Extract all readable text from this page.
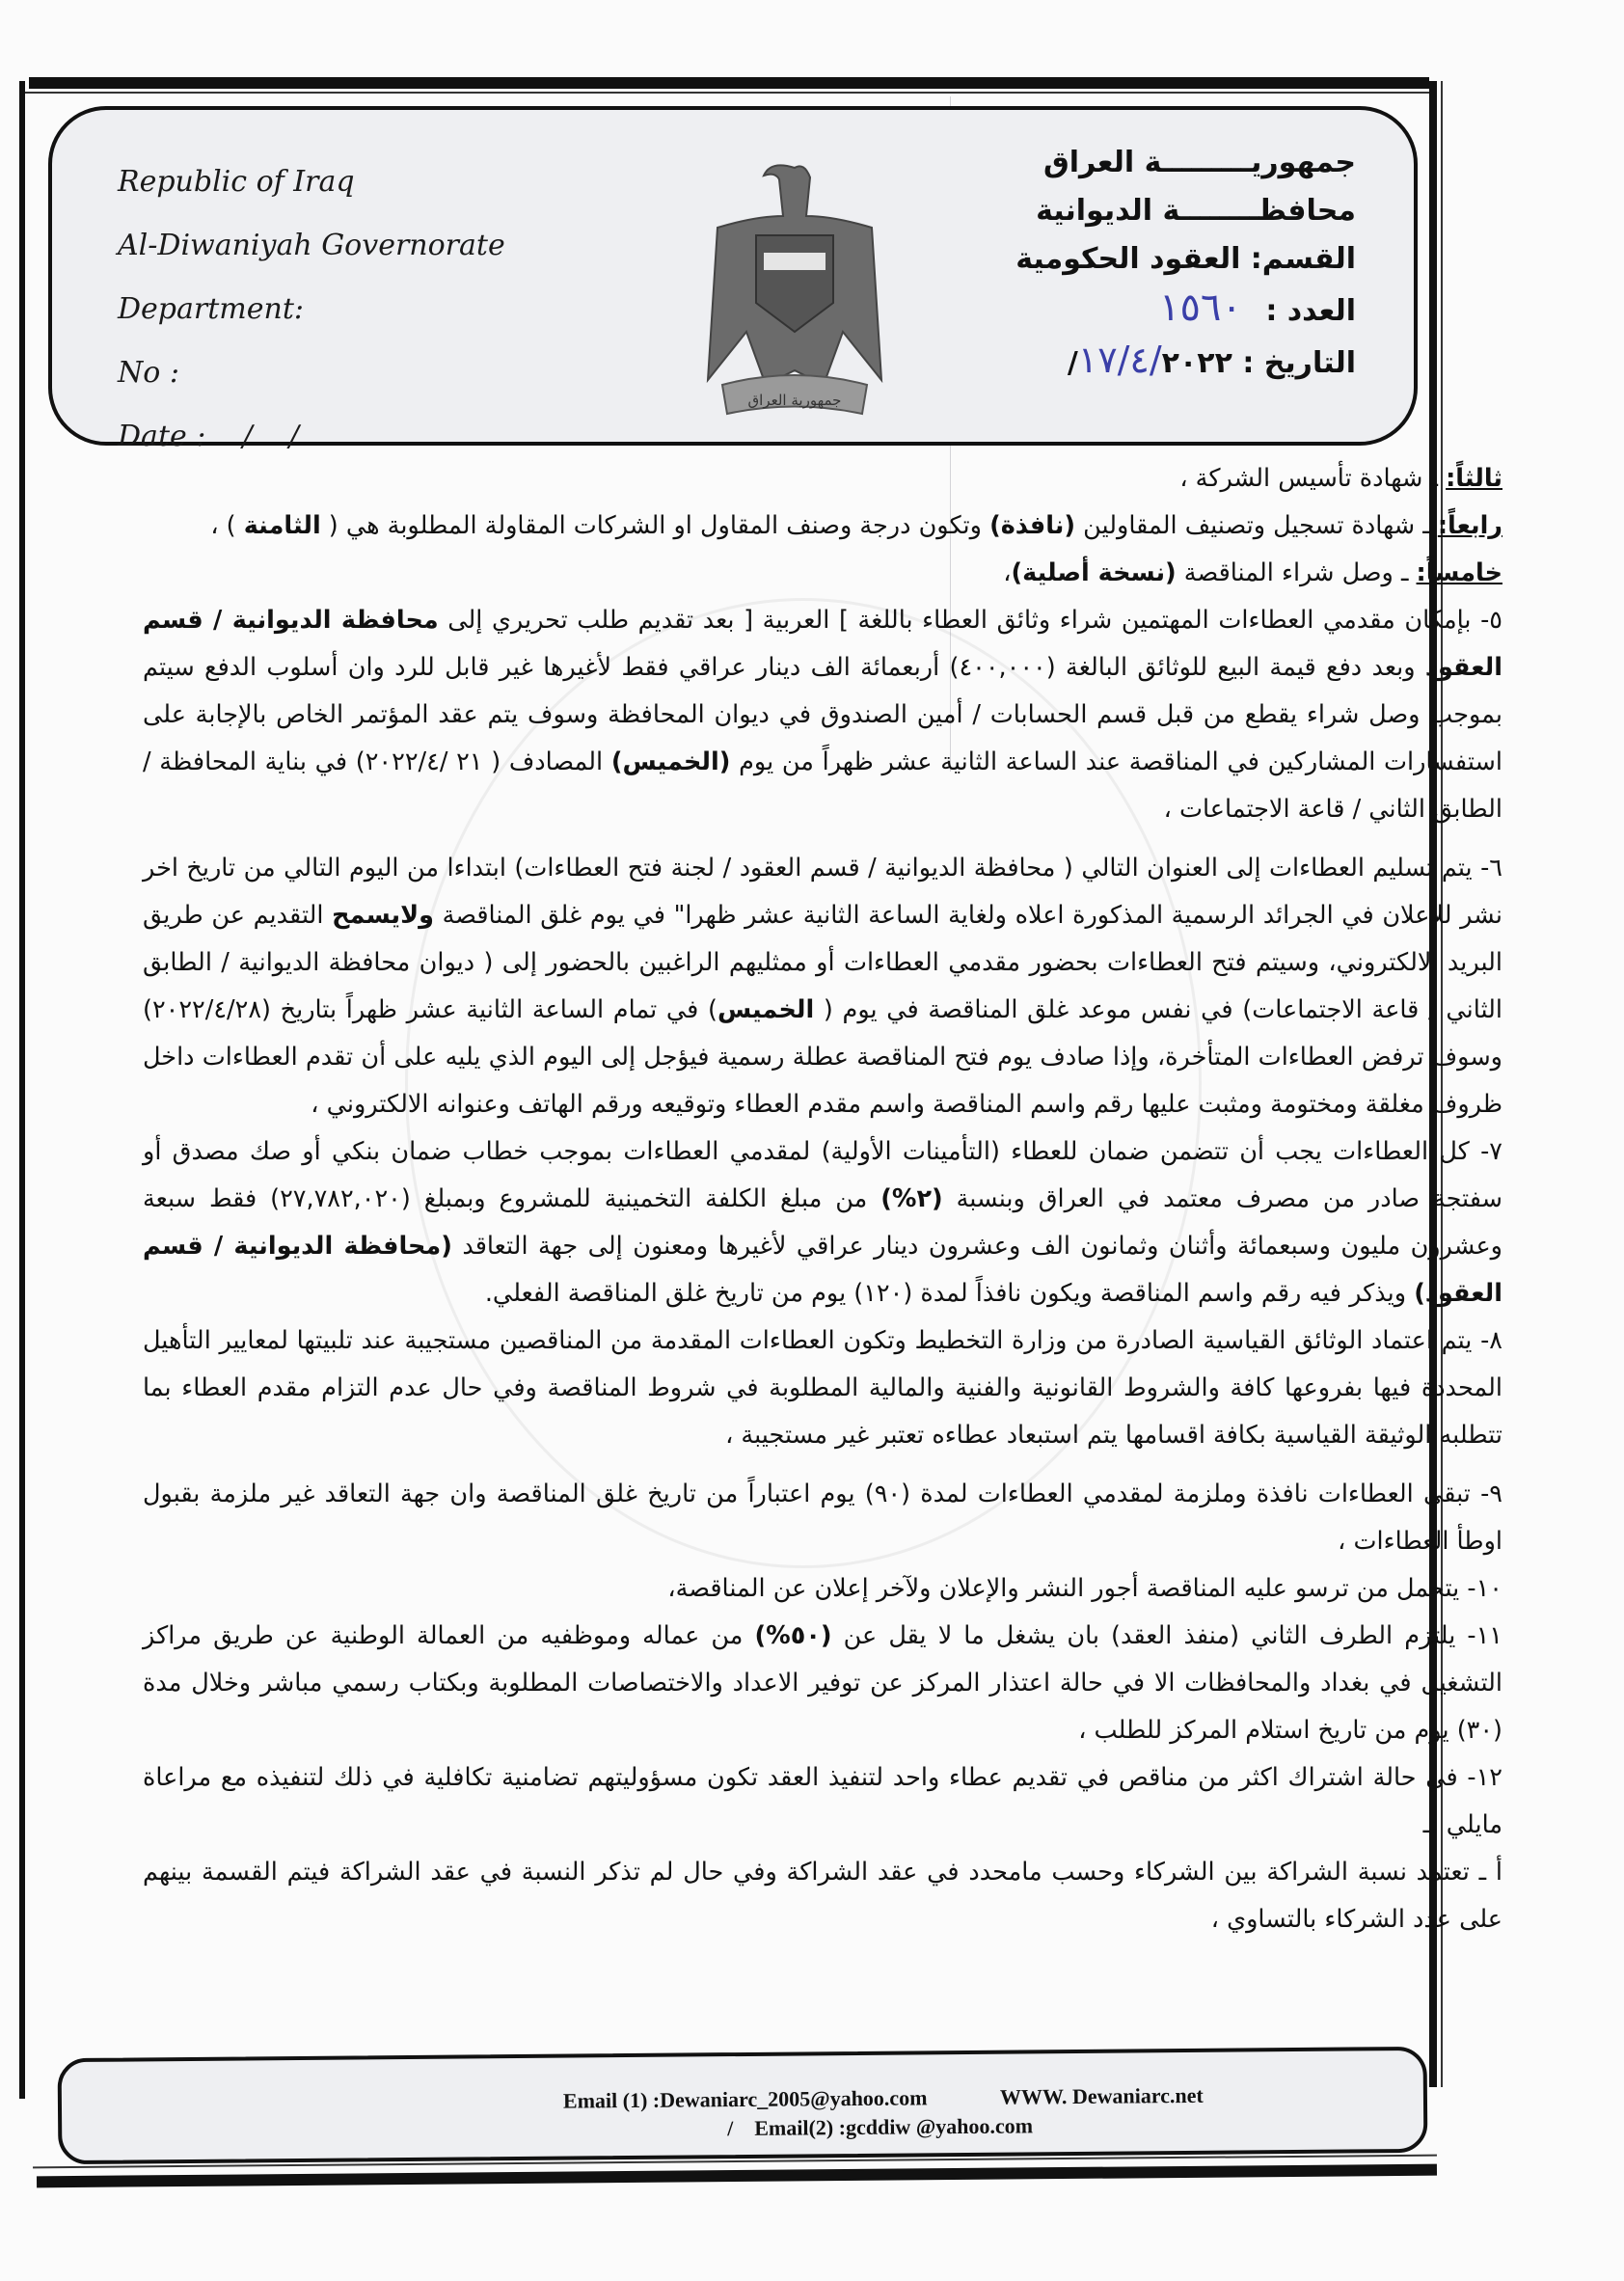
Republic of Iraq
Al-Diwaniyah Governorate
Department:
No :
Date :    /    /
جمهورية العراق
جمهوريـــــــــة العراق
محافظــــــــة الديوانية
القسم: العقود الحكومية
العدد : ١٥٦٠
التاريخ : ١٧/٤/٢٠٢٢/

ثالثاً: ـ شهادة تأسيس الشركة ،

رابعاً: ـ شهادة تسجيل وتصنيف المقاولين (نافذة) وتكون درجة وصنف المقاول او الشركات المقاولة المطلوبة هي ( الثامنة ) ،

خامساً: ـ وصل شراء المناقصة (نسخة أصلية)،

٥- بإمكان مقدمي العطاءات المهتمين شراء وثائق العطاء باللغة ] العربية [ بعد تقديم طلب تحريري إلى محافظة الديوانية / قسم العقود وبعد دفع قيمة البيع للوثائق البالغة (٤٠٠,٠٠٠) أربعمائة الف دينار عراقي فقط لأغيرها غير قابل للرد وان أسلوب الدفع سيتم بموجب وصل شراء يقطع من قبل قسم الحسابات / أمين الصندوق في ديوان المحافظة وسوف يتم عقد المؤتمر الخاص بالإجابة على استفسارات المشاركين في المناقصة عند الساعة الثانية عشر ظهراً من يوم (الخميس) المصادف ( ٢١ /٢٠٢٢/٤) في بناية المحافظة / الطابق الثاني / قاعة الاجتماعات ،

٦- يتم تسليم العطاءات إلى العنوان التالي ( محافظة الديوانية / قسم العقود / لجنة فتح العطاءات) ابتداءا من اليوم التالي من تاريخ اخر نشر للإعلان في الجرائد الرسمية المذكورة اعلاه ولغاية الساعة الثانية عشر ظهرا" في يوم غلق المناقصة ولايسمح التقديم عن طريق البريد الالكتروني، وسيتم فتح العطاءات بحضور مقدمي العطاءات أو ممثليهم الراغبين بالحضور إلى ( ديوان محافظة الديوانية / الطابق الثاني / قاعة الاجتماعات) في نفس موعد غلق المناقصة في يوم ( الخميس) في تمام الساعة الثانية عشر ظهراً بتاريخ (٢٠٢٢/٤/٢٨) وسوف ترفض العطاءات المتأخرة، وإذا صادف يوم فتح المناقصة عطلة رسمية فيؤجل إلى اليوم الذي يليه على أن تقدم العطاءات داخل ظروف مغلقة ومختومة ومثبت عليها رقم واسم المناقصة واسم مقدم العطاء وتوقيعه ورقم الهاتف وعنوانه الالكتروني ،

٧- كل العطاءات يجب أن تتضمن ضمان للعطاء (التأمينات الأولية) لمقدمي العطاءات بموجب خطاب ضمان بنكي أو صك مصدق أو سفتجة صادر من مصرف معتمد في العراق وبنسبة (٢%) من مبلغ الكلفة التخمينية للمشروع وبمبلغ (٢٧,٧٨٢,٠٢٠) فقط سبعة وعشرون مليون وسبعمائة وأثنان وثمانون الف وعشرون دينار عراقي لأغيرها ومعنون إلى جهة التعاقد (محافظة الديوانية / قسم العقود) ويذكر فيه رقم واسم المناقصة ويكون نافذاً لمدة (١٢٠) يوم من تاريخ غلق المناقصة الفعلي.

٨- يتم اعتماد الوثائق القياسية الصادرة من وزارة التخطيط وتكون العطاءات المقدمة من المناقصين مستجيبة عند تلبيتها لمعايير التأهيل المحددة فيها بفروعها كافة والشروط القانونية والفنية والمالية المطلوبة في شروط المناقصة وفي حال عدم التزام مقدم العطاء بما تتطلبه الوثيقة القياسية بكافة اقسامها يتم استبعاد عطاءه تعتبر غير مستجيبة ،

٩- تبقى العطاءات نافذة وملزمة لمقدمي العطاءات لمدة (٩٠) يوم اعتباراً من تاريخ غلق المناقصة وان جهة التعاقد غير ملزمة بقبول اوطأ العطاءات ،

١٠- يتحمل من ترسو عليه المناقصة أجور النشر والإعلان ولآخر إعلان عن المناقصة،

١١- يلتزم الطرف الثاني (منفذ العقد) بان يشغل ما لا يقل عن (٥٠%) من عماله وموظفيه من العمالة الوطنية عن طريق مراكز التشغيل في بغداد والمحافظات الا في حالة اعتذار المركز عن توفير الاعداد والاختصاصات المطلوبة وبكتاب رسمي مباشر وخلال مدة (٣٠) يوم من تاريخ استلام المركز للطلب ،

١٢- في حالة اشتراك اكثر من مناقص في تقديم عطاء واحد لتنفيذ العقد تكون مسؤوليتهم تضامنية تكافلية في ذلك لتنفيذه مع مراعاة مايلي :ـ

أ ـ تعتمد نسبة الشراكة بين الشركاء وحسب مامحدد في عقد الشراكة وفي حال لم تذكر النسبة في عقد الشراكة فيتم القسمة بينهم على عدد الشركاء بالتساوي ،

Email (1) :Dewaniarc_2005@yahoo.com	WWW. Dewaniarc.net
/    Email(2) :gcddiw @yahoo.com
